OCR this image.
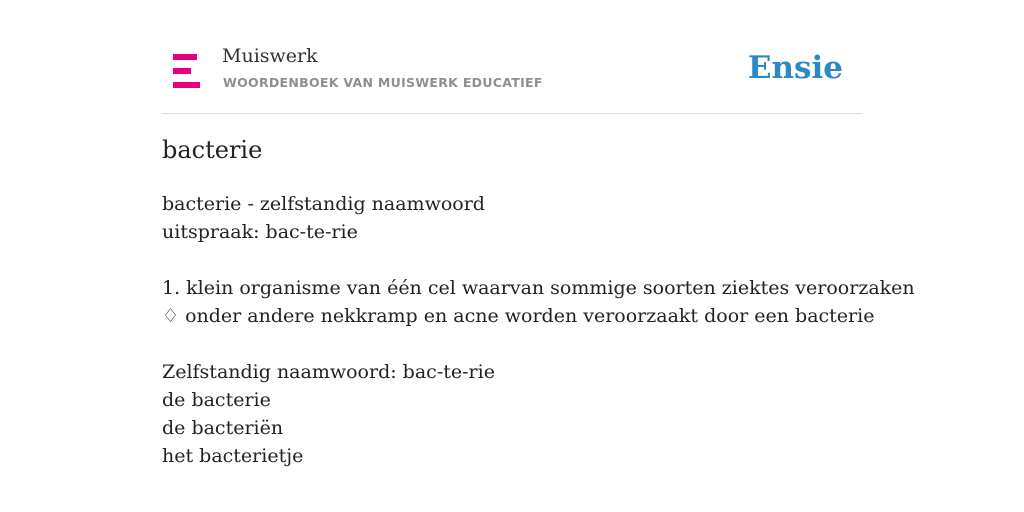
Muiswerk
WOORDENBOEK VAN MUISWERK EDUCATIEF	Ensie
bacterie
bacterie - zelfstandig naamwoord
uitspraak: bac-te-rie
1. klein organisme van één cel waarvan sommige soorten ziektes veroorzaken
♢ onder andere nekkramp en acne worden veroorzaakt door een bacterie
Zelfstandig naamwoord: bac-te-rie
de bacterie
de bacteriën
het bacterietje
